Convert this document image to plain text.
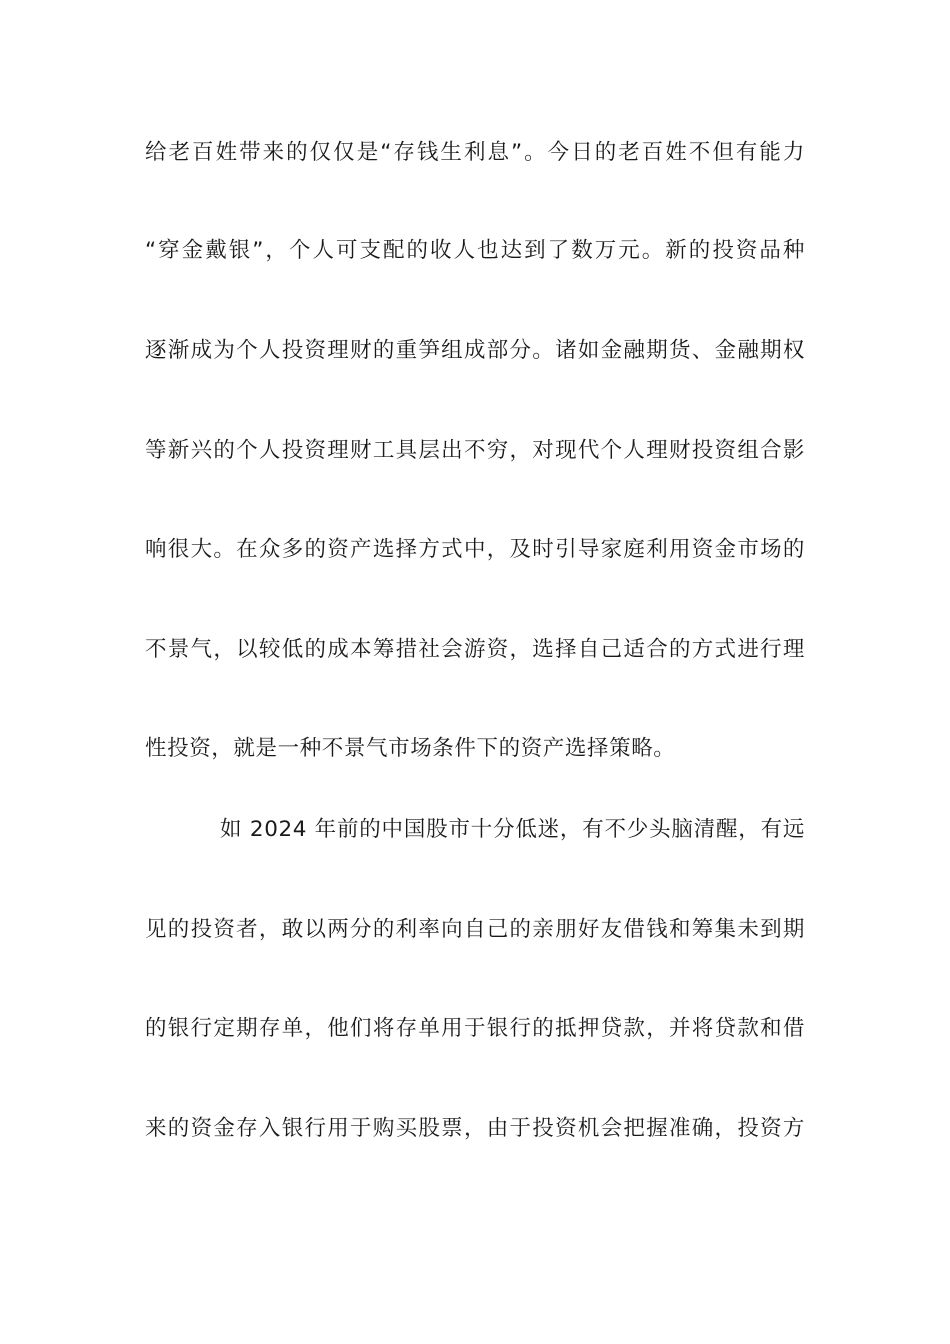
给老百姓带来的仅仅是“存钱生利息”。今日的老百姓不但有能力
“穿金戴银”，个人可支配的收人也达到了数万元。新的投资品种
逐渐成为个人投资理财的重笋组成部分。诸如金融期货、金融期权
等新兴的个人投资理财工具层出不穷，对现代个人理财投资组合影
响很大。在众多的资产选择方式中，及时引导家庭利用资金市场的
不景气，以较低的成本筹措社会游资，选择自己适合的方式进行理
性投资，就是一种不景气市场条件下的资产选择策略。
如 2024 年前的中国股市十分低迷，有不少头脑清醒，有远
见的投资者，敢以两分的利率向自己的亲朋好友借钱和筹集未到期
的银行定期存单，他们将存单用于银行的抵押贷款，并将贷款和借
来的资金存入银行用于购买股票，由于投资机会把握准确，投资方
